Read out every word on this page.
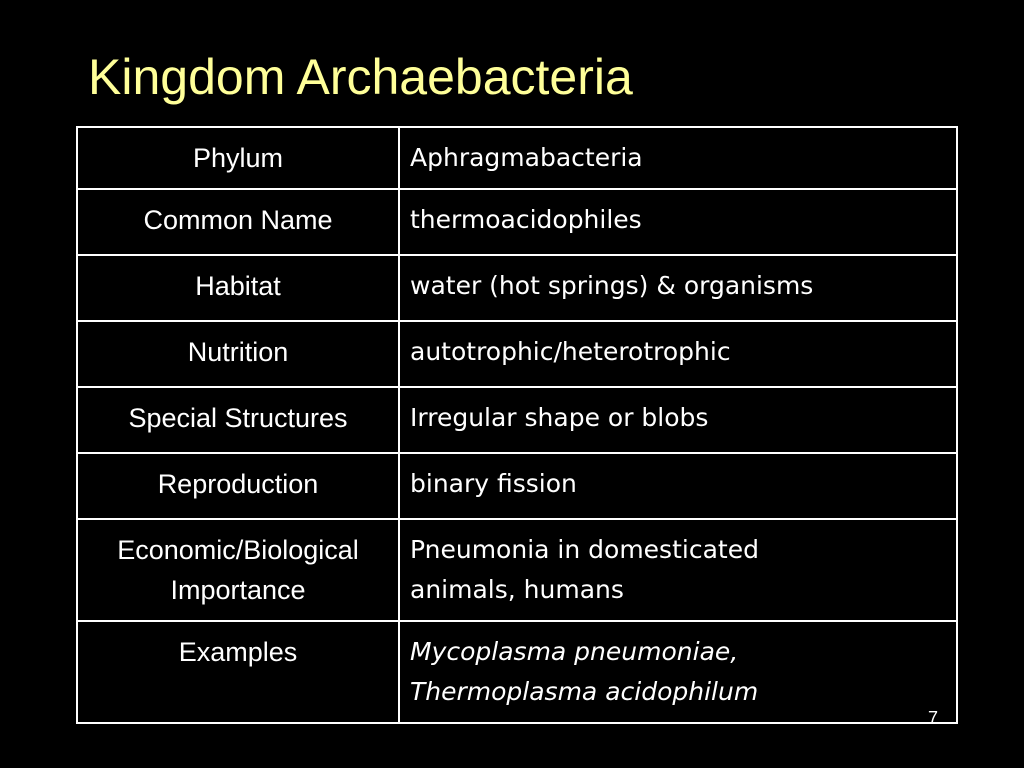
Kingdom Archaebacteria
Phylum	Aphragmabacteria
Common Name	thermoacidophiles
Habitat	water (hot springs) & organisms
Nutrition	autotrophic/heterotrophic
Special Structures	Irregular shape or blobs
Reproduction	binary fission

Economic/Biological
Importance	Pneumonia in domesticated
animals, humans

Examples	Mycoplasma pneumoniae,
Thermoplasma acidophilum
7
